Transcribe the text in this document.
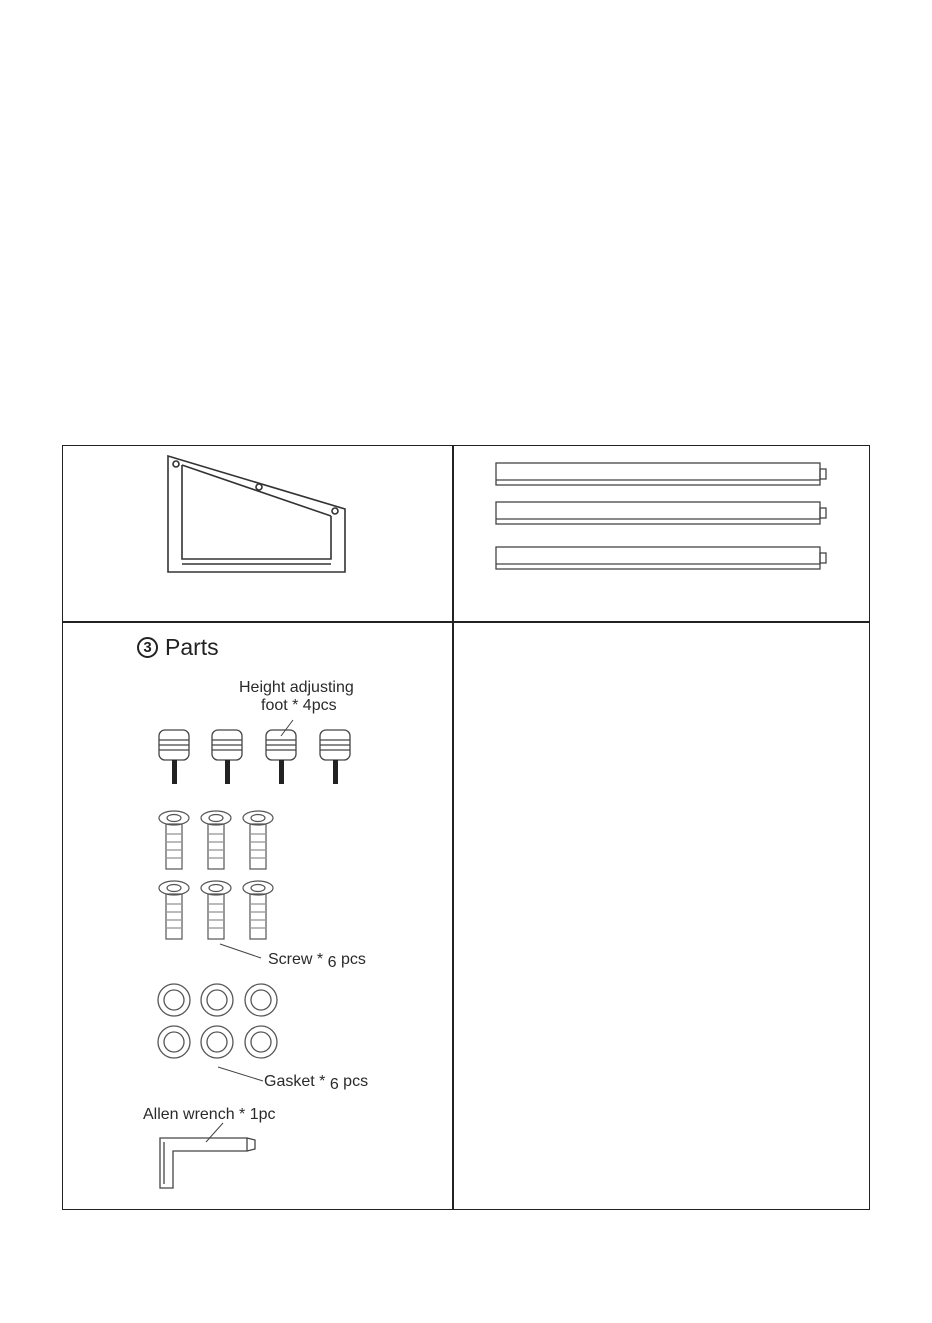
3 Parts
Height adjusting
foot * 4pcs
Screw * 6 pcs
Gasket * 6 pcs
Allen wrench * 1pc
